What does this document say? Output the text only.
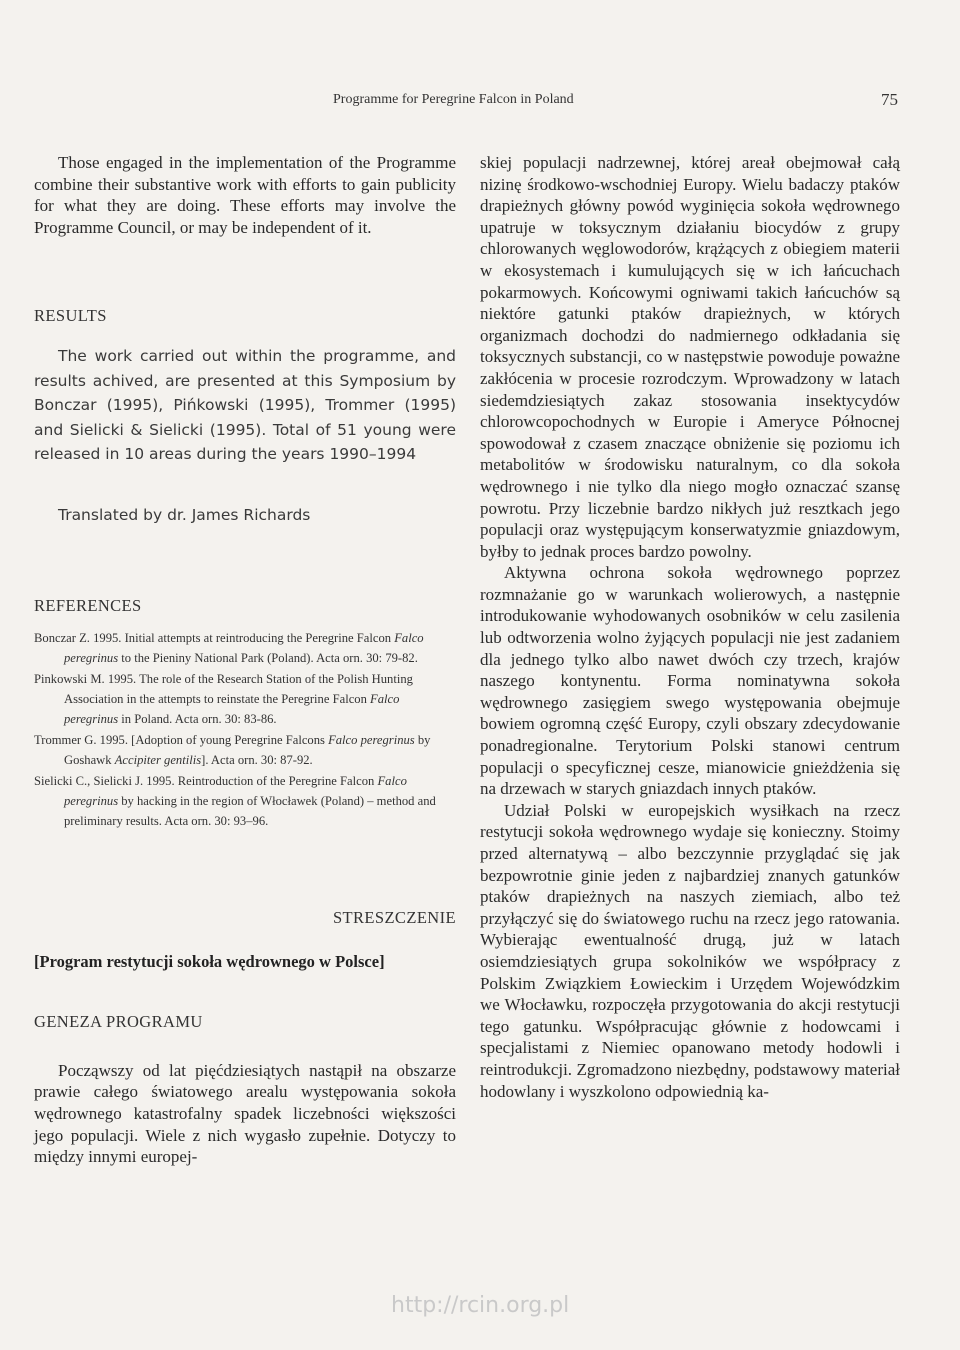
Programme for Peregrine Falcon in Poland	75

Those engaged in the implementation of the Programme combine their substantive work with efforts to gain publicity for what they are doing. These efforts may involve the Programme Council, or may be independent of it.

RESULTS

The work carried out within the programme, and results achived, are presented at this Symposium by Bonczar (1995), Pińkowski (1995), Trommer (1995) and Sielicki & Sielicki (1995). Total of 51 young were released in 10 areas during the years 1990–1994

Translated by dr. James Richards

REFERENCES

Bonczar Z. 1995. Initial attempts at reintroducing the Peregrine Falcon Falco peregrinus to the Pieniny National Park (Poland). Acta orn. 30: 79-82.

Pinkowski M. 1995. The role of the Research Station of the Polish Hunting Association in the attempts to reinstate the Peregrine Falcon Falco peregrinus in Poland. Acta orn. 30: 83-86.

Trommer G. 1995. [Adoption of young Peregrine Falcons Falco peregrinus by Goshawk Accipiter gentilis]. Acta orn. 30: 87-92.

Sielicki C., Sielicki J. 1995. Reintroduction of the Peregrine Falcon Falco peregrinus by hacking in the region of Włocławek (Poland) – method and preliminary results. Acta orn. 30: 93–96.

STRESZCZENIE
[Program restytucji sokoła wędrownego w Polsce]
GENEZA PROGRAMU

Począwszy od lat pięćdziesiątych nastąpił na obszarze prawie całego światowego arealu występowania sokoła wędrownego katastrofalny spadek liczebności większości jego populacji. Wiele z nich wygasło zupełnie. Dotyczy to między innymi europej-

skiej populacji nadrzewnej, której areał obejmował całą nizinę środkowo-wschodniej Europy. Wielu badaczy ptaków drapieżnych główny powód wyginięcia sokoła wędrownego upatruje w toksycznym działaniu biocydów z grupy chlorowanych węglowodorów, krążących z obiegiem materii w ekosystemach i kumulujących się w ich łańcuchach pokarmowych. Końcowymi ogniwami takich łańcuchów są niektóre gatunki ptaków drapieżnych, w których organizmach dochodzi do nadmiernego odkładania się toksycznych substancji, co w następstwie powoduje poważne zakłócenia w procesie rozrodczym. Wprowadzony w latach siedemdziesiątych zakaz stosowania insektycydów chlorowcopochodnych w Europie i Ameryce Północnej spowodował z czasem znaczące obniżenie się poziomu ich metabolitów w środowisku naturalnym, co dla sokoła wędrownego i nie tylko dla niego mogło oznaczać szansę powrotu. Przy liczebnie bardzo nikłych już resztkach jego populacji oraz występującym konserwatyzmie gniazdowym, byłby to jednak proces bardzo powolny.

Aktywna ochrona sokoła wędrownego poprzez rozmnażanie go w warunkach wolierowych, a następnie introdukowanie wyhodowanych osobników w celu zasilenia lub odtworzenia wolno żyjących populacji nie jest zadaniem dla jednego tylko albo nawet dwóch czy trzech, krajów naszego kontynentu. Forma nominatywna sokoła wędrownego zasięgiem swego występowania obejmuje bowiem ogromną część Europy, czyli obszary zdecydowanie ponadregionalne. Terytorium Polski stanowi centrum populacji o specyficznej cesze, mianowicie gnieżdżenia się na drzewach w starych gniazdach innych ptaków.

Udział Polski w europejskich wysiłkach na rzecz restytucji sokoła wędrownego wydaje się konieczny. Stoimy przed alternatywą – albo bezczynnie przyglądać się jak bezpowrotnie ginie jeden z najbardziej znanych gatunków ptaków drapieżnych na naszych ziemiach, albo też przyłączyć się do światowego ruchu na rzecz jego ratowania. Wybierając ewentualność drugą, już w latach osiemdziesiątych grupa sokolników we współpracy z Polskim Związkiem Łowieckim i Urzędem Wojewódzkim we Włocławku, rozpoczęła przygotowania do akcji restytucji tego gatunku. Współpracując głównie z hodowcami i specjalistami z Niemiec opanowano metody hodowli i reintrodukcji. Zgromadzono niezbędny, podstawowy materiał hodowlany i wyszkolono odpowiednią ka-

http://rcin.org.pl
